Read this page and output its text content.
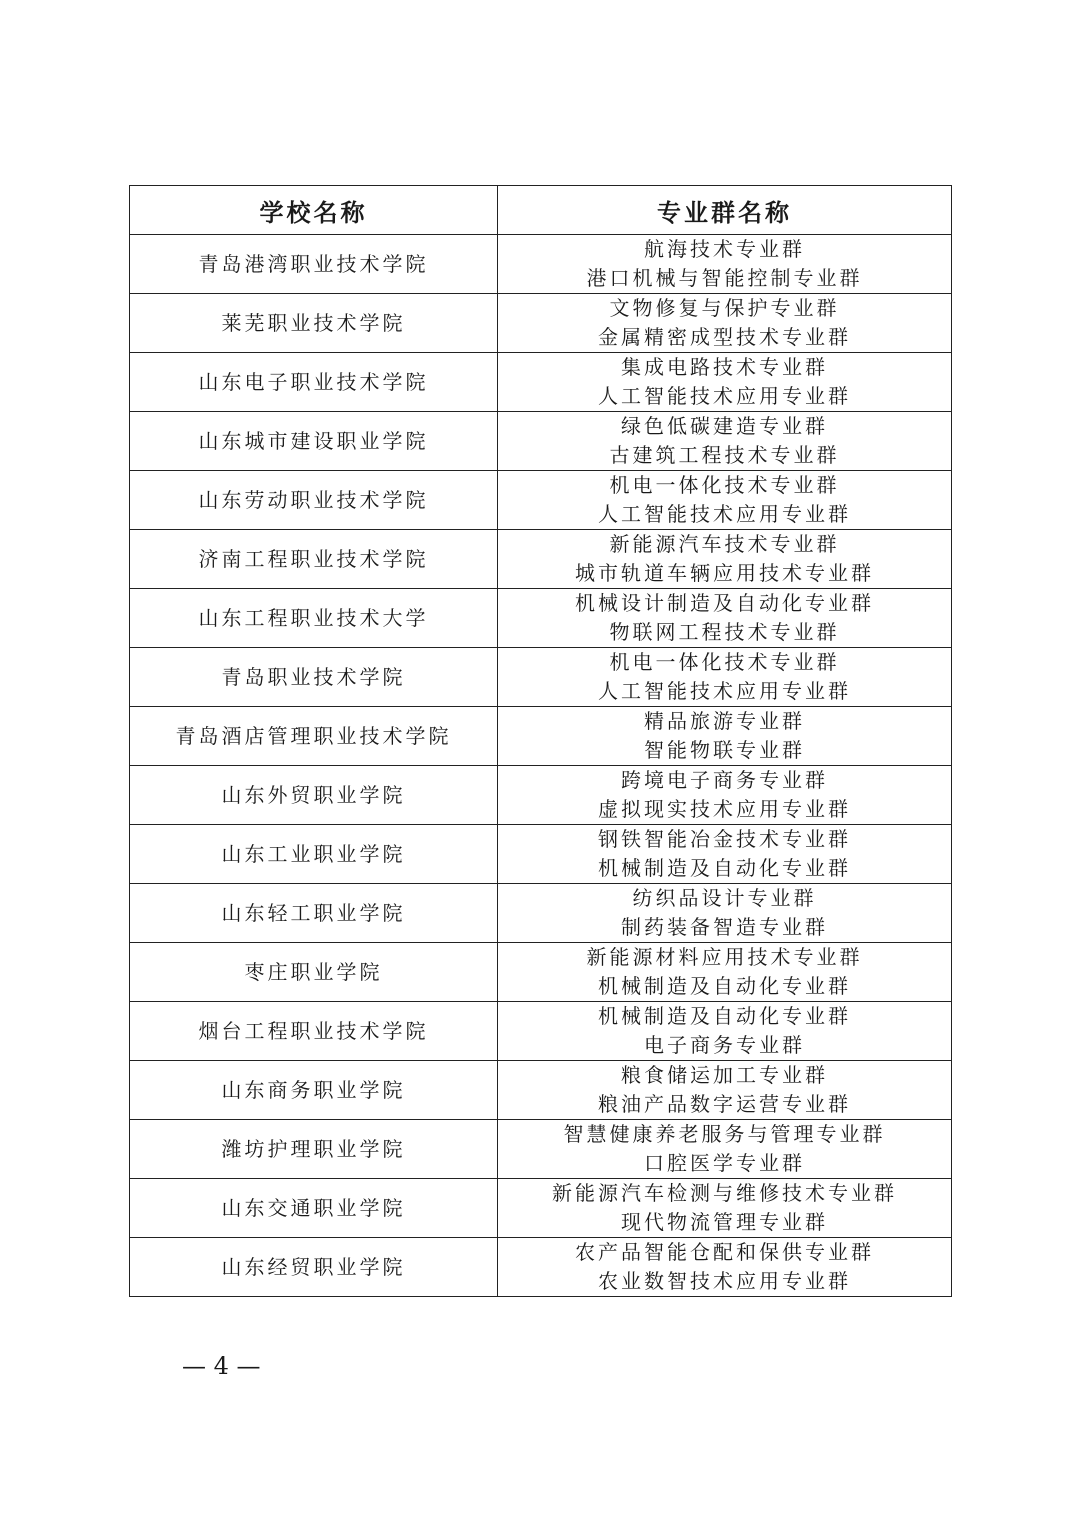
学校名称	专业群名称
青岛港湾职业技术学院	航海技术专业群
港口机械与智能控制专业群

莱芜职业技术学院	文物修复与保护专业群
金属精密成型技术专业群

山东电子职业技术学院	集成电路技术专业群
人工智能技术应用专业群

山东城市建设职业学院	绿色低碳建造专业群
古建筑工程技术专业群

山东劳动职业技术学院	机电一体化技术专业群
人工智能技术应用专业群

济南工程职业技术学院	新能源汽车技术专业群
城市轨道车辆应用技术专业群

山东工程职业技术大学	机械设计制造及自动化专业群
物联网工程技术专业群

青岛职业技术学院	机电一体化技术专业群
人工智能技术应用专业群

青岛酒店管理职业技术学院	精品旅游专业群
智能物联专业群

山东外贸职业学院	跨境电子商务专业群
虚拟现实技术应用专业群

山东工业职业学院	钢铁智能冶金技术专业群
机械制造及自动化专业群

山东轻工职业学院	纺织品设计专业群
制药装备智造专业群

枣庄职业学院	新能源材料应用技术专业群
机械制造及自动化专业群

烟台工程职业技术学院	机械制造及自动化专业群
电子商务专业群

山东商务职业学院	粮食储运加工专业群
粮油产品数字运营专业群

潍坊护理职业学院	智慧健康养老服务与管理专业群
口腔医学专业群

山东交通职业学院	新能源汽车检测与维修技术专业群
现代物流管理专业群

山东经贸职业学院	农产品智能仓配和保供专业群
农业数智技术应用专业群
— 4 —
